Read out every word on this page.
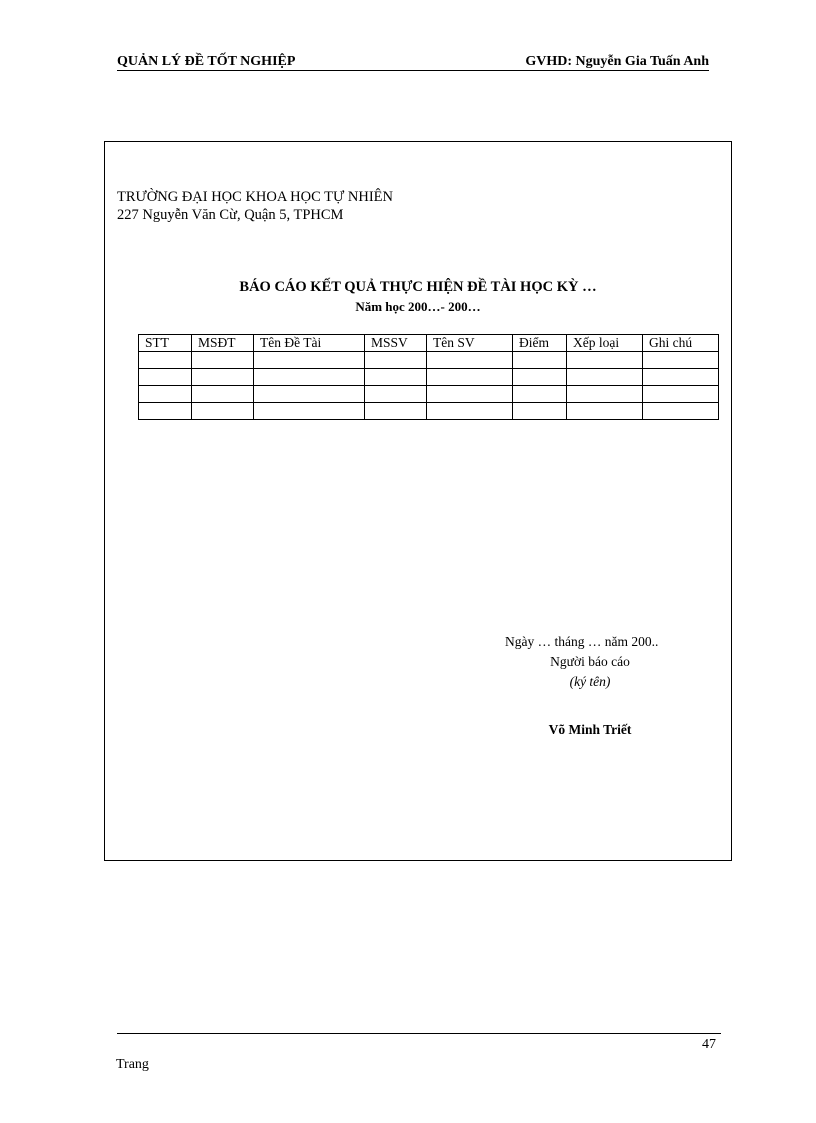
QUẢN LÝ ĐỀ TỐT NGHIỆP	GVHD: Nguyễn Gia Tuấn Anh
TRƯỜNG ĐẠI HỌC KHOA HỌC TỰ NHIÊN
227 Nguyễn Văn Cừ, Quận 5, TPHCM
BÁO CÁO KẾT QUẢ THỰC HIỆN ĐỀ TÀI HỌC KỲ …
Năm học 200…- 200…
STT	MSĐT	Tên Đề Tài	MSSV	Tên SV	Điểm	Xếp loại	Ghi chú

Ngày … tháng … năm 200..
Người báo cáo
(ký tên)
Võ Minh Triết
47
Trang
